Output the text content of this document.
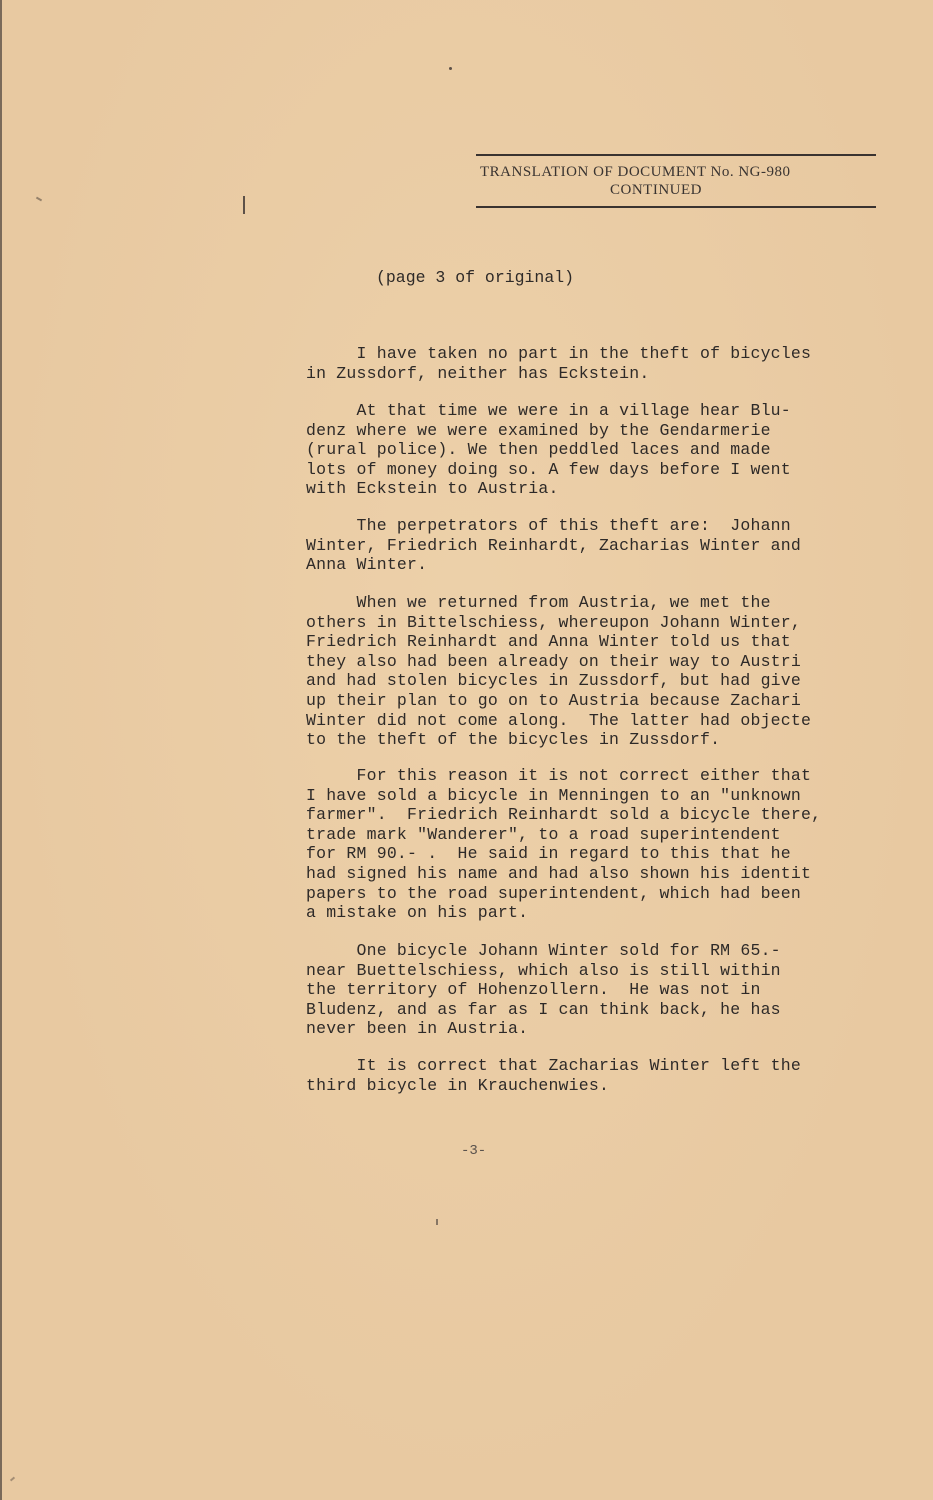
TRANSLATION OF DOCUMENT No. NG-980
CONTINUED
(page 3 of original)
I have taken no part in the theft of bicycles
in Zussdorf, neither has Eckstein.
At that time we were in a village hear Blu-
denz where we were examined by the Gendarmerie
(rural police). We then peddled laces and made
lots of money doing so. A few days before I went
with Eckstein to Austria.
The perpetrators of this theft are:  Johann
Winter, Friedrich Reinhardt, Zacharias Winter and
Anna Winter.
When we returned from Austria, we met the
others in Bittelschiess, whereupon Johann Winter,
Friedrich Reinhardt and Anna Winter told us that
they also had been already on their way to Austri
and had stolen bicycles in Zussdorf, but had give
up their plan to go on to Austria because Zachari
Winter did not come along.  The latter had objecte
to the theft of the bicycles in Zussdorf.
For this reason it is not correct either that
I have sold a bicycle in Menningen to an "unknown
farmer".  Friedrich Reinhardt sold a bicycle there,
trade mark "Wanderer", to a road superintendent
for RM 90.- .  He said in regard to this that he
had signed his name and had also shown his identit
papers to the road superintendent, which had been
a mistake on his part.
One bicycle Johann Winter sold for RM 65.-
near Buettelschiess, which also is still within
the territory of Hohenzollern.  He was not in
Bludenz, and as far as I can think back, he has
never been in Austria.
It is correct that Zacharias Winter left the
third bicycle in Krauchenwies.
-3-
